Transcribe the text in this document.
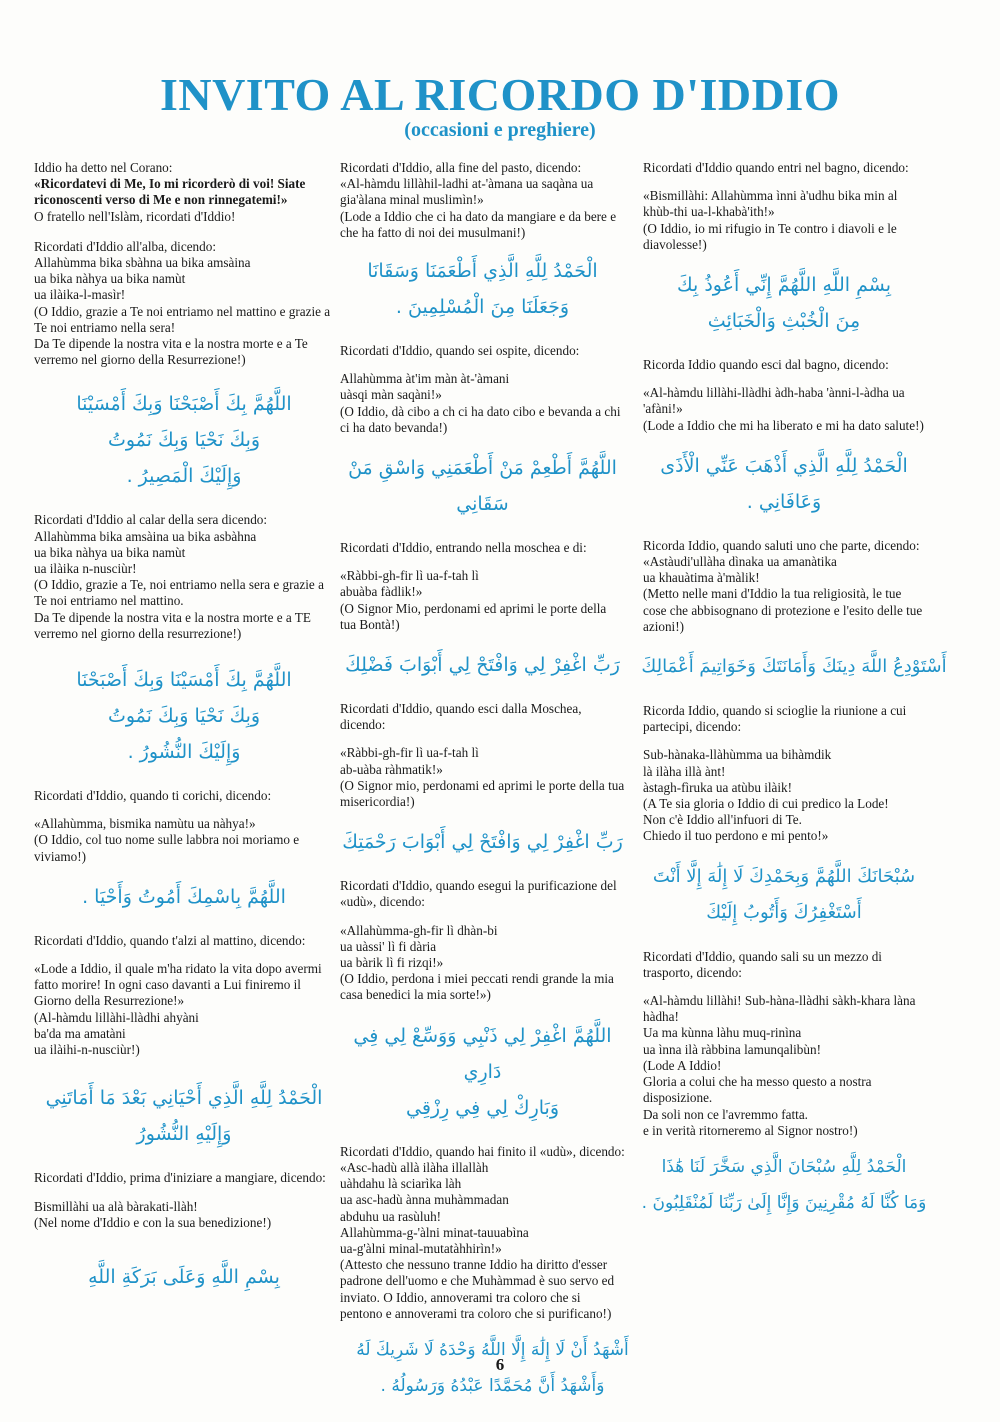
INVITO AL RICORDO D'IDDIO
(occasioni e preghiere)

Iddio ha detto nel Corano:

«Ricordatevi di Me, Io mi ricorderò di voi! Siate riconoscenti verso di Me e non rinnegatemi!»

O fratello nell'Islàm, ricordati d'Iddio!

Ricordati d'Iddio all'alba, dicendo:

Allahùmma bika sbàhna ua bika amsàina

ua bika nàhya ua bika namùt

ua ilàika-l-masìr!

(O Iddio, grazie a Te noi entriamo nel mattino e grazie a Te noi entriamo nella sera!

Da Te dipende la nostra vita e la nostra morte e a Te verremo nel giorno della Resurrezione!)

اللَّهُمَّ بِكَ أَصْبَحْنَا وَبِكَ أَمْسَيْنَا
وَبِكَ نَحْيَا وَبِكَ نَمُوتُ
وَإِلَيْكَ الْمَصِيرُ .

Ricordati d'Iddio al calar della sera dicendo:

Allahùmma bika amsàina ua bika asbàhna

ua bika nàhya ua bika namùt

ua ilàika n-nusciùr!

(O Iddio, grazie a Te, noi entriamo nella sera e grazie a Te noi entriamo nel mattino.

Da Te dipende la nostra vita e la nostra morte e a TE verremo nel giorno della resurrezione!)

اللَّهُمَّ بِكَ أَمْسَيْنَا وَبِكَ أَصْبَحْنَا
وَبِكَ نَحْيَا وَبِكَ نَمُوتُ
وَإِلَيْكَ النُّشُورُ .

Ricordati d'Iddio, quando ti corichi, dicendo:

«Allahùmma, bismika namùtu ua nàhya!»

(O Iddio, col tuo nome sulle labbra noi moriamo e viviamo!)

اللَّهُمَّ بِاسْمِكَ أَمُوتُ وَأَحْيَا .

Ricordati d'Iddio, quando t'alzi al mattino, dicendo:

«Lode a Iddio, il quale m'ha ridato la vita dopo avermi fatto morire! In ogni caso davanti a Lui finiremo il Giorno della Resurrezione!»

(Al-hàmdu lillàhi-llàdhi ahyàni

ba'da ma amatàni

ua ilàihi-n-nusciùr!)

الْحَمْدُ لِلَّهِ الَّذِي أَحْيَانِي بَعْدَ مَا أَمَاتَنِي
وَإِلَيْهِ النُّشُورُ

Ricordati d'Iddio, prima d'iniziare a mangiare, dicendo:

Bismillàhi ua alà bàrakati-llàh!

(Nel nome d'Iddio e con la sua benedizione!)

بِسْمِ اللَّهِ وَعَلَى بَرَكَةِ اللَّهِ

Ricordati d'Iddio, alla fine del pasto, dicendo:

«Al-hàmdu lillàhil-ladhi at-'àmana ua saqàna ua gia'àlana minal muslimìn!»

(Lode a Iddio che ci ha dato da mangiare e da bere e che ha fatto di noi dei musulmani!)

الْحَمْدُ لِلَّهِ الَّذِي أَطْعَمَنَا وَسَقَانَا
وَجَعَلَنَا مِنَ الْمُسْلِمِينَ .

Ricordati d'Iddio, quando sei ospite, dicendo:

Allahùmma àt'im màn àt-'àmani

uàsqi màn saqàni!»

(O Iddio, dà cibo a ch ci ha dato cibo e bevanda a chi ci ha dato bevanda!)

اللَّهُمَّ أَطْعِمْ مَنْ أَطْعَمَنِي وَاسْقِ مَنْ سَقَانِي

Ricordati d'Iddio, entrando nella moschea e di:

«Ràbbi-gh-fir lì ua-f-tah lì

abuàba fàdlik!»

(O Signor Mio, perdonami ed aprimi le porte della tua Bontà!)

رَبِّ اغْفِرْ لِي وَافْتَحْ لِي أَبْوَابَ فَضْلِكَ

Ricordati d'Iddio, quando esci dalla Moschea, dicendo:

«Ràbbi-gh-fir lì ua-f-tah lì

ab-uàba ràhmatik!»

(O Signor mio, perdonami ed aprimi le porte della tua misericordia!)

رَبِّ اغْفِرْ لِي وَافْتَحْ لِي أَبْوَابَ رَحْمَتِكَ

Ricordati d'Iddio, quando esegui la purificazione del «udù», dicendo:

«Allahùmma-gh-fir lì dhàn-bi

ua uàssi' lì fi dària

ua bàrik lì fi rizqi!»

(O Iddio, perdona i miei peccati rendi grande la mia casa benedici la mia sorte!»)

اللَّهُمَّ اغْفِرْ لِي ذَنْبِي وَوَسِّعْ لِي فِي دَارِي
وَبَارِكْ لِي فِي رِزْقِي

Ricordati d'Iddio, quando hai finito il «udù», dicendo:

«Asc-hadù allà ilàha illallàh

uàhdahu là sciarìka làh

ua asc-hadù ànna muhàmmadan

abduhu ua rasùluh!

Allahùmma-g-'àlni minat-tauuabìna

ua-g'àlni minal-mutatàhhirìn!»

(Attesto che nessuno tranne Iddio ha diritto d'esser padrone dell'uomo e che Muhàmmad è suo servo ed inviato. O Iddio, annoverami tra coloro che si pentono e annoverami tra coloro che si purificano!)

أَشْهَدُ أَنْ لَا إِلَٰهَ إِلَّا اللَّهُ وَحْدَهُ لَا شَرِيكَ لَهُ
وَأَشْهَدُ أَنَّ مُحَمَّدًا عَبْدُهُ وَرَسُولُهُ .

Ricordati d'Iddio quando entri nel bagno, dicendo:

«Bismillàhi: Allahùmma ìnni à'udhu bika min al khùb-thi ua-l-khabà'ith!»

(O Iddio, io mi rifugio in Te contro i diavoli e le diavolesse!)

بِسْمِ اللَّهِ اللَّهُمَّ إِنِّي أَعُوذُ بِكَ
مِنَ الْخُبْثِ وَالْخَبَائِثِ

Ricorda Iddio quando esci dal bagno, dicendo:

«Al-hàmdu lillàhi-llàdhi àdh-haba 'ànni-l-àdha ua 'afàni!»

(Lode a Iddio che mi ha liberato e mi ha dato salute!)

الْحَمْدُ لِلَّهِ الَّذِي أَذْهَبَ عَنِّي الْأَذَى وَعَافَانِي .

Ricorda Iddio, quando saluti uno che parte, dicendo:

«Astàudi'ullàha dìnaka ua amanàtika

ua khauàtima à'màlik!

(Metto nelle mani d'Iddio la tua religiosità, le tue cose che abbisognano di protezione e l'esito delle tue azioni!)

أَسْتَوْدِعُ اللَّهَ دِينَكَ وَأَمَانَتَكَ وَخَوَاتِيمَ أَعْمَالِكَ

Ricorda Iddio, quando si scioglie la riunione a cui partecipi, dicendo:

Sub-hànaka-llàhùmma ua bihàmdik

là ilàha illà ànt!

àstagh-fìruka ua atùbu ilàik!

(A Te sia gloria o Iddio di cui predico la Lode!

Non c'è Iddio all'infuori di Te.

Chiedo il tuo perdono e mi pento!»

سُبْحَانَكَ اللَّهُمَّ وَبِحَمْدِكَ لَا إِلَٰهَ إِلَّا أَنْتَ
أَسْتَغْفِرُكَ وَأَتُوبُ إِلَيْكَ

Ricordati d'Iddio, quando sali su un mezzo di trasporto, dicendo:

«Al-hàmdu lillàhi! Sub-hàna-llàdhi sàkh-khara làna hàdha!

Ua ma kùnna làhu muq-rinìna

ua ìnna ilà ràbbina lamunqalibùn!

(Lode A Iddio!

Gloria a colui che ha messo questo a nostra disposizione.

Da soli non ce l'avremmo fatta.

e in verità ritorneremo al Signor nostro!)

الْحَمْدُ لِلَّهِ سُبْحَانَ الَّذِي سَخَّرَ لَنَا هَٰذَا
وَمَا كُنَّا لَهُ مُقْرِنِينَ وَإِنَّا إِلَىٰ رَبِّنَا لَمُنْقَلِبُونَ .
6
